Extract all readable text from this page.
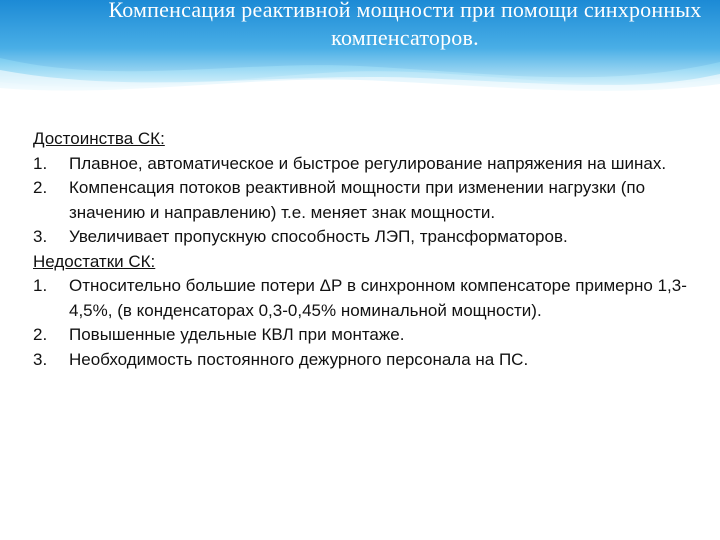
Компенсация реактивной мощности при помощи синхронных
компенсаторов.
Достоинства СК:
1. Плавное, автоматическое и быстрое регулирование напряжения на шинах.
2. Компенсация потоков реактивной мощности при изменении нагрузки (по значению и направлению) т.е. меняет знак мощности.
3. Увеличивает пропускную способность ЛЭП, трансформаторов.
Недостатки СК:
1. Относительно большие потери ΔР в синхронном компенсаторе примерно 1,3-4,5%, (в конденсаторах 0,3-0,45% номинальной мощности).
2. Повышенные удельные КВЛ при монтаже.
3. Необходимость постоянного дежурного персонала на ПС.
